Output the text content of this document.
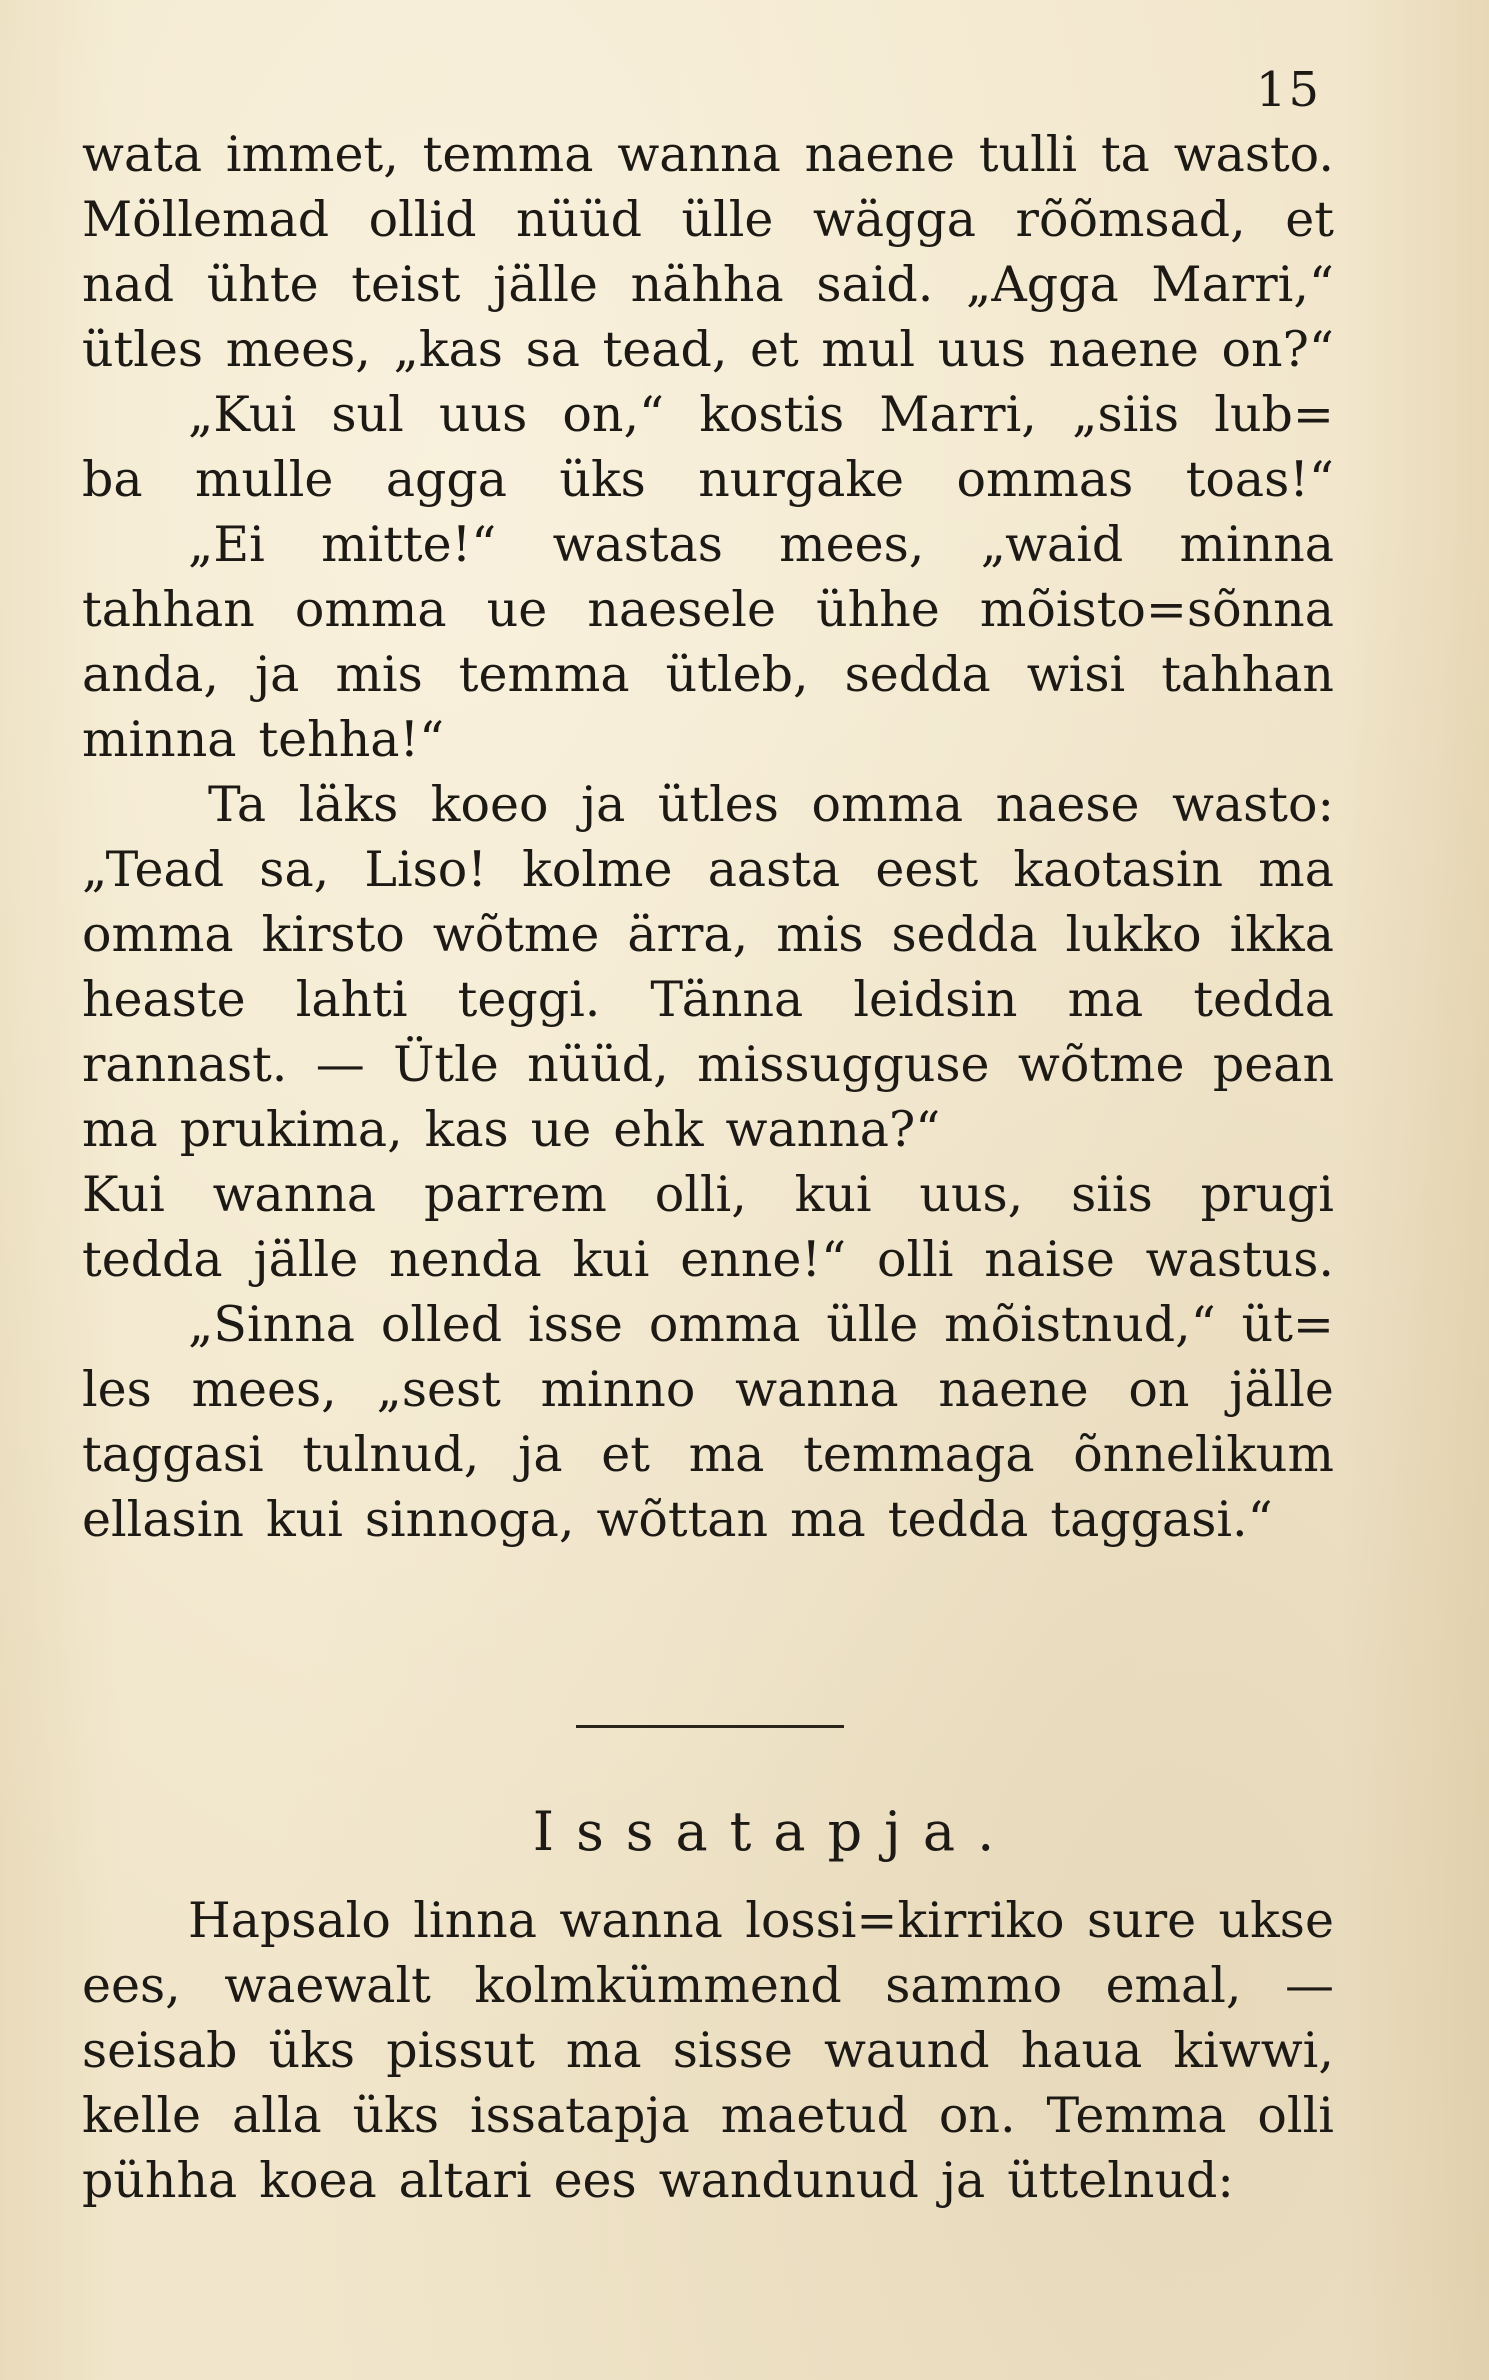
15
wata immet, temma wanna naene tulli ta wasto.
Möllemad ollid nüüd ülle wägga rõõmsad, et
nad ühte teist jälle nähha said. „Agga Marri,“
ütles mees, „kas sa tead, et mul uus naene on?“
„Kui sul uus on,“ kostis Marri, „siis lub=
ba mulle agga üks nurgake ommas toas!“
„Ei mitte!“ wastas mees, „waid minna
tahhan omma ue naesele ühhe mõisto=sõnna
anda, ja mis temma ütleb, sedda wisi tahhan
minna tehha!“
Ta läks koeo ja ütles omma naese wasto:
„Tead sa, Liso! kolme aasta eest kaotasin ma
omma kirsto wõtme ärra, mis sedda lukko ikka
heaste lahti teggi. Tänna leidsin ma tedda
rannast. — Ütle nüüd, missugguse wõtme pean
ma prukima, kas ue ehk wanna?“
Kui wanna parrem olli, kui uus, siis prugi
tedda jälle nenda kui enne!“ olli naise wastus.
„Sinna olled isse omma ülle mõistnud,“ üt=
les mees, „sest minno wanna naene on jälle
taggasi tulnud, ja et ma temmaga õnnelikum
ellasin kui sinnoga, wõttan ma tedda taggasi.“
Issatapja.
Hapsalo linna wanna lossi=kirriko sure ukse
ees, waewalt kolmkümmend sammo emal, —
seisab üks pissut ma sisse waund haua kiwwi,
kelle alla üks issatapja maetud on. Temma olli
pühha koea altari ees wandunud ja üttelnud:
